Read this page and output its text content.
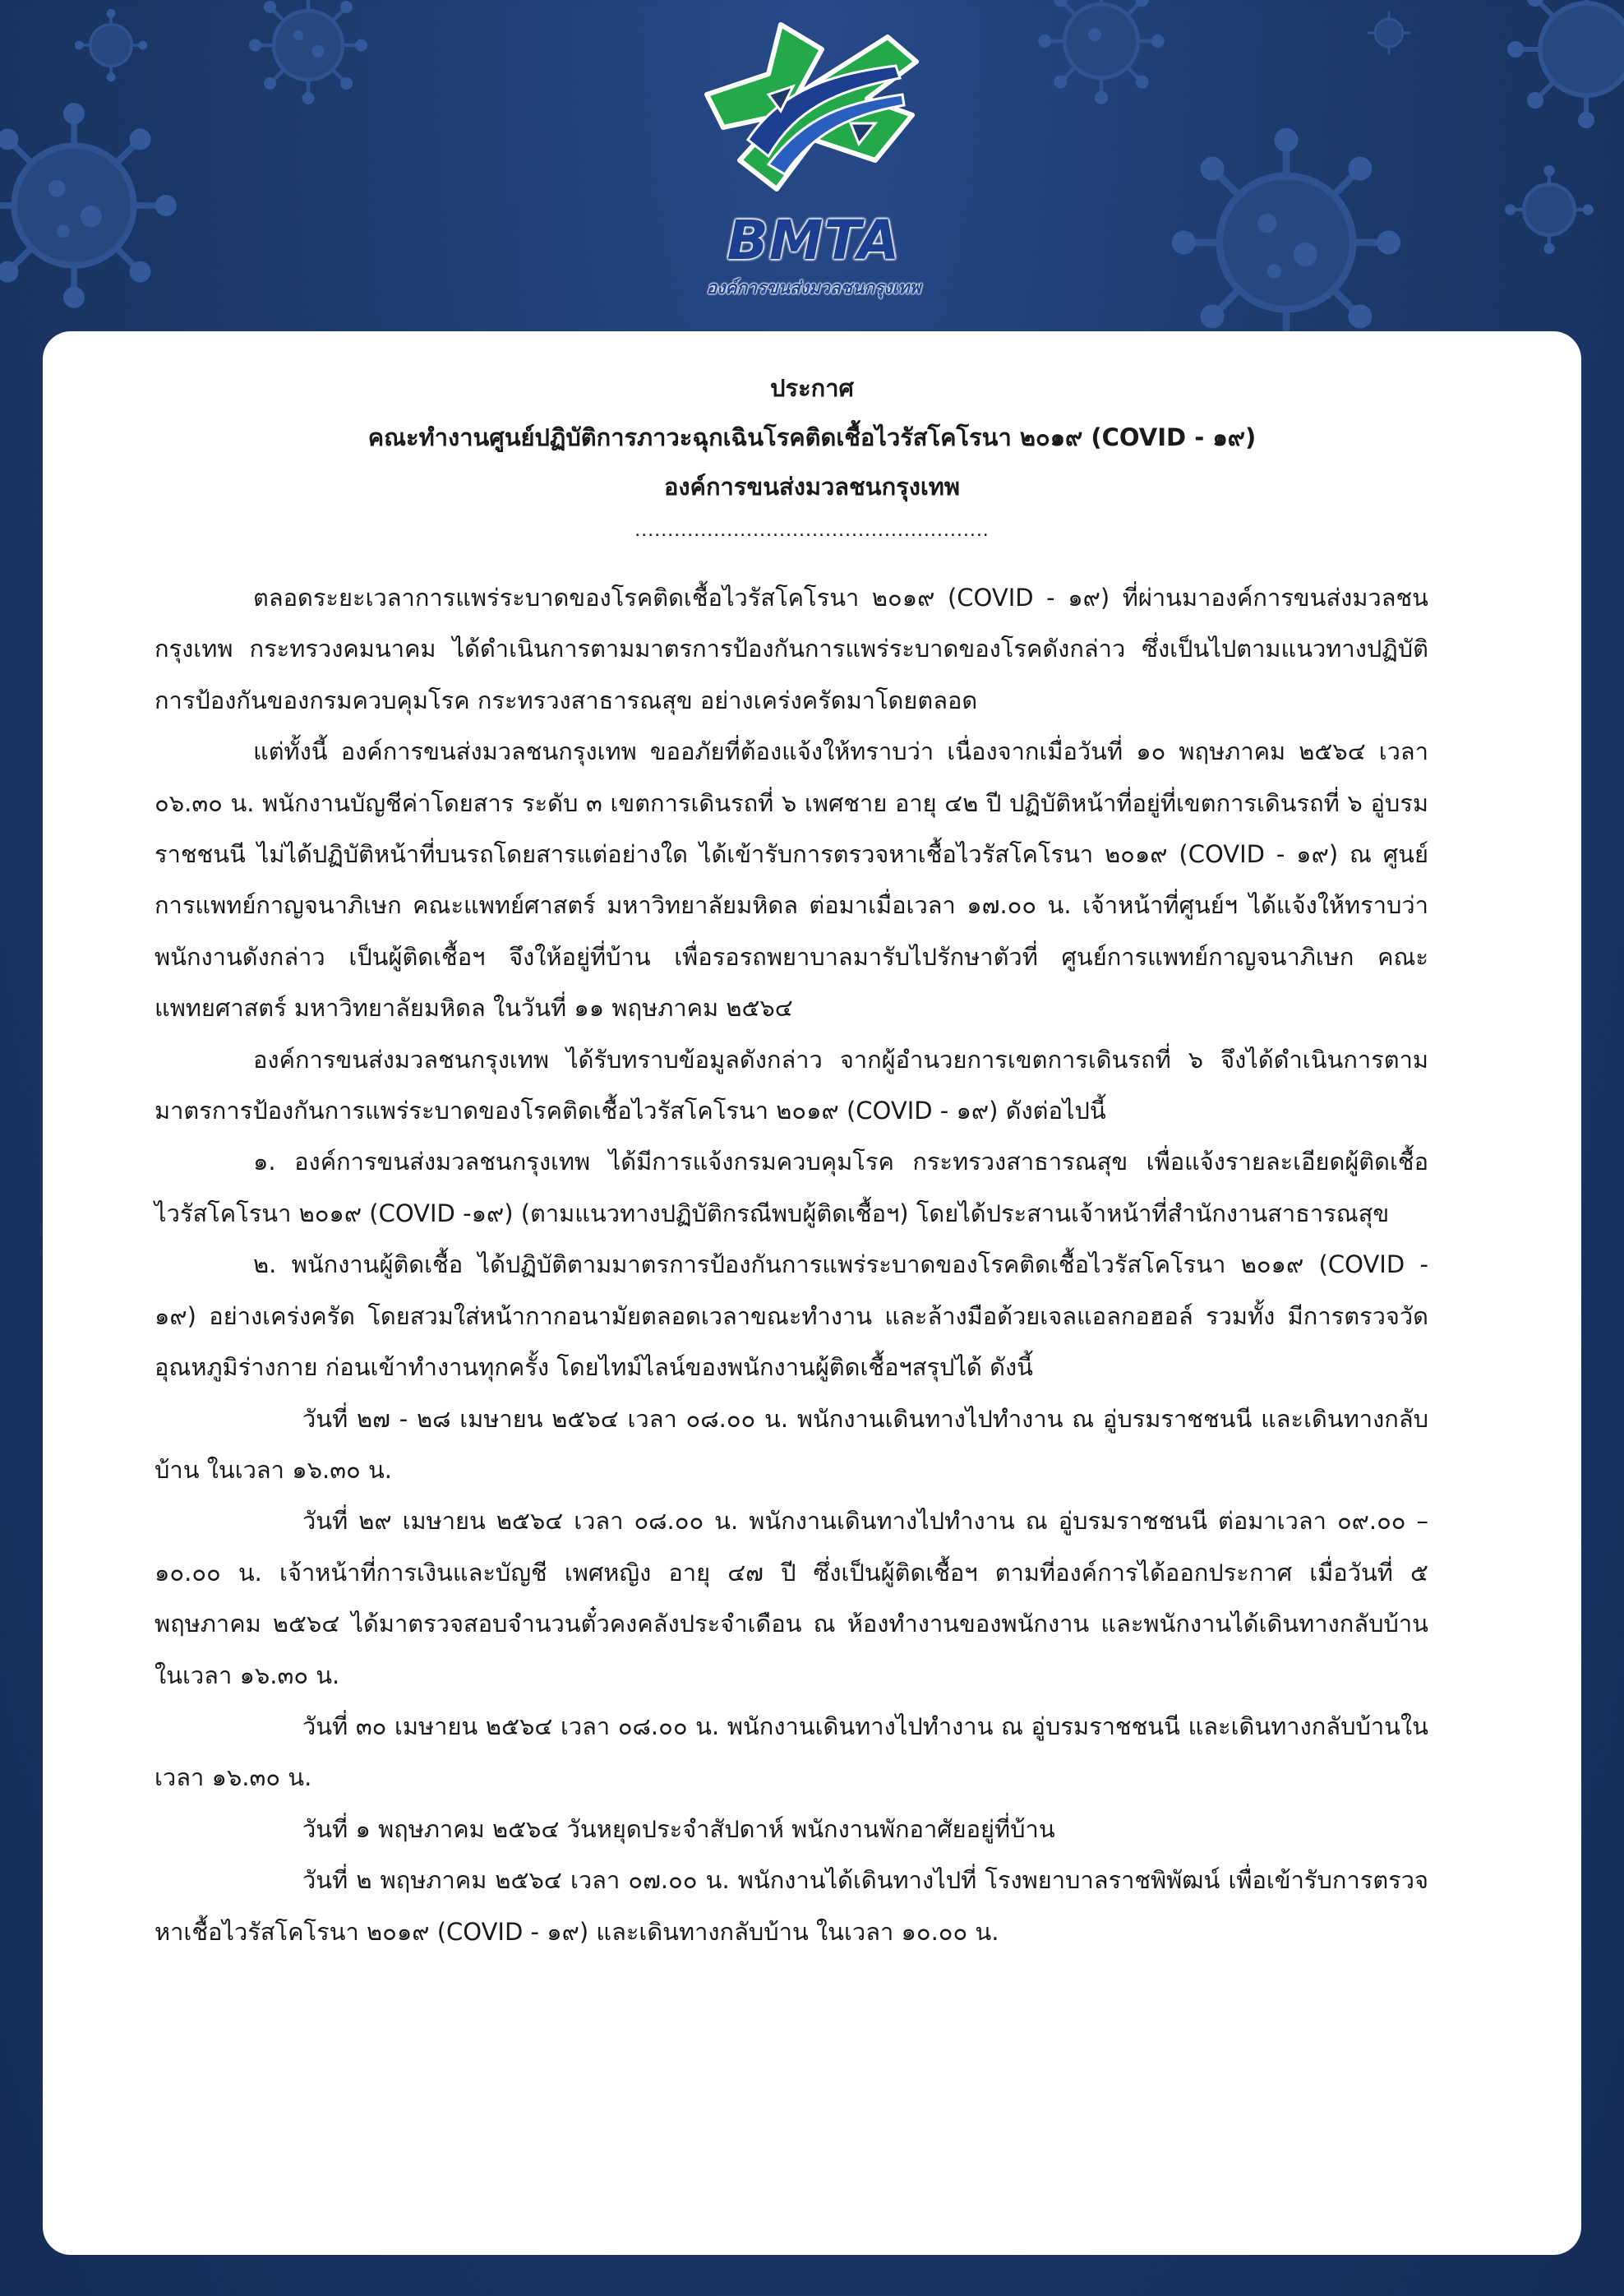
BMTA
องค์การขนส่งมวลชนกรุงเทพ
ประกาศ
คณะทำงานศูนย์ปฏิบัติการภาวะฉุกเฉินโรคติดเชื้อไวรัสโคโรนา ๒๐๑๙ (COVID - ๑๙)
องค์การขนส่งมวลชนกรุงเทพ
......................................................
ตลอดระยะเวลาการแพร่ระบาดของโรคติดเชื้อไวรัสโคโรนา ๒๐๑๙ (COVID - ๑๙) ที่ผ่านมาองค์การขนส่งมวลชนกรุงเทพ กระทรวงคมนาคม ได้ดำเนินการตามมาตรการป้องกันการแพร่ระบาดของโรคดังกล่าว ซึ่งเป็นไปตามแนวทางปฏิบัติการป้องกันของกรมควบคุมโรค กระทรวงสาธารณสุข อย่างเคร่งครัดมาโดยตลอด
แต่ทั้งนี้ องค์การขนส่งมวลชนกรุงเทพ ขออภัยที่ต้องแจ้งให้ทราบว่า เนื่องจากเมื่อวันที่ ๑๐ พฤษภาคม ๒๕๖๔ เวลา ๐๖.๓๐ น. พนักงานบัญชีค่าโดยสาร ระดับ ๓ เขตการเดินรถที่ ๖ เพศชาย อายุ ๔๒ ปี ปฏิบัติหน้าที่อยู่ที่เขตการเดินรถที่ ๖ อู่บรมราชชนนี ไม่ได้ปฏิบัติหน้าที่บนรถโดยสารแต่อย่างใด ได้เข้ารับการตรวจหาเชื้อไวรัสโคโรนา ๒๐๑๙ (COVID - ๑๙) ณ ศูนย์การแพทย์กาญจนาภิเษก คณะแพทย์ศาสตร์ มหาวิทยาลัยมหิดล ต่อมาเมื่อเวลา ๑๗.๐๐ น. เจ้าหน้าที่ศูนย์ฯ ได้แจ้งให้ทราบว่า พนักงานดังกล่าว เป็นผู้ติดเชื้อฯ จึงให้อยู่ที่บ้าน เพื่อรอรถพยาบาลมารับไปรักษาตัวที่ ศูนย์การแพทย์กาญจนาภิเษก คณะแพทยศาสตร์ มหาวิทยาลัยมหิดล ในวันที่ ๑๑ พฤษภาคม ๒๕๖๔
องค์การขนส่งมวลชนกรุงเทพ ได้รับทราบข้อมูลดังกล่าว จากผู้อำนวยการเขตการเดินรถที่ ๖ จึงได้ดำเนินการตามมาตรการป้องกันการแพร่ระบาดของโรคติดเชื้อไวรัสโคโรนา ๒๐๑๙ (COVID - ๑๙) ดังต่อไปนี้
๑. องค์การขนส่งมวลชนกรุงเทพ ได้มีการแจ้งกรมควบคุมโรค กระทรวงสาธารณสุข เพื่อแจ้งรายละเอียดผู้ติดเชื้อไวรัสโคโรนา ๒๐๑๙ (COVID -๑๙) (ตามแนวทางปฏิบัติกรณีพบผู้ติดเชื้อฯ) โดยได้ประสานเจ้าหน้าที่สำนักงานสาธารณสุข
๒. พนักงานผู้ติดเชื้อ ได้ปฏิบัติตามมาตรการป้องกันการแพร่ระบาดของโรคติดเชื้อไวรัสโคโรนา ๒๐๑๙ (COVID - ๑๙) อย่างเคร่งครัด โดยสวมใส่หน้ากากอนามัยตลอดเวลาขณะทำงาน และล้างมือด้วยเจลแอลกอฮอล์ รวมทั้ง มีการตรวจวัดอุณหภูมิร่างกาย ก่อนเข้าทำงานทุกครั้ง โดยไทม์ไลน์ของพนักงานผู้ติดเชื้อฯสรุปได้ ดังนี้
วันที่ ๒๗ - ๒๘ เมษายน ๒๕๖๔ เวลา ๐๘.๐๐ น. พนักงานเดินทางไปทำงาน ณ อู่บรมราชชนนี และเดินทางกลับบ้าน ในเวลา ๑๖.๓๐ น.
วันที่ ๒๙ เมษายน ๒๕๖๔ เวลา ๐๘.๐๐ น. พนักงานเดินทางไปทำงาน ณ อู่บรมราชชนนี ต่อมาเวลา ๐๙.๐๐ – ๑๐.๐๐ น. เจ้าหน้าที่การเงินและบัญชี เพศหญิง อายุ ๔๗ ปี ซึ่งเป็นผู้ติดเชื้อฯ ตามที่องค์การได้ออกประกาศ เมื่อวันที่ ๕ พฤษภาคม ๒๕๖๔ ได้มาตรวจสอบจำนวนตั๋วคงคลังประจำเดือน ณ ห้องทำงานของพนักงาน และพนักงานได้เดินทางกลับบ้าน ในเวลา ๑๖.๓๐ น.
วันที่ ๓๐ เมษายน ๒๕๖๔ เวลา ๐๘.๐๐ น. พนักงานเดินทางไปทำงาน ณ อู่บรมราชชนนี และเดินทางกลับบ้านในเวลา ๑๖.๓๐ น.
วันที่ ๑ พฤษภาคม ๒๕๖๔ วันหยุดประจำสัปดาห์ พนักงานพักอาศัยอยู่ที่บ้าน
วันที่ ๒ พฤษภาคม ๒๕๖๔ เวลา ๐๗.๐๐ น. พนักงานได้เดินทางไปที่ โรงพยาบาลราชพิพัฒน์ เพื่อเข้ารับการตรวจหาเชื้อไวรัสโคโรนา ๒๐๑๙ (COVID - ๑๙) และเดินทางกลับบ้าน ในเวลา ๑๐.๐๐ น.
